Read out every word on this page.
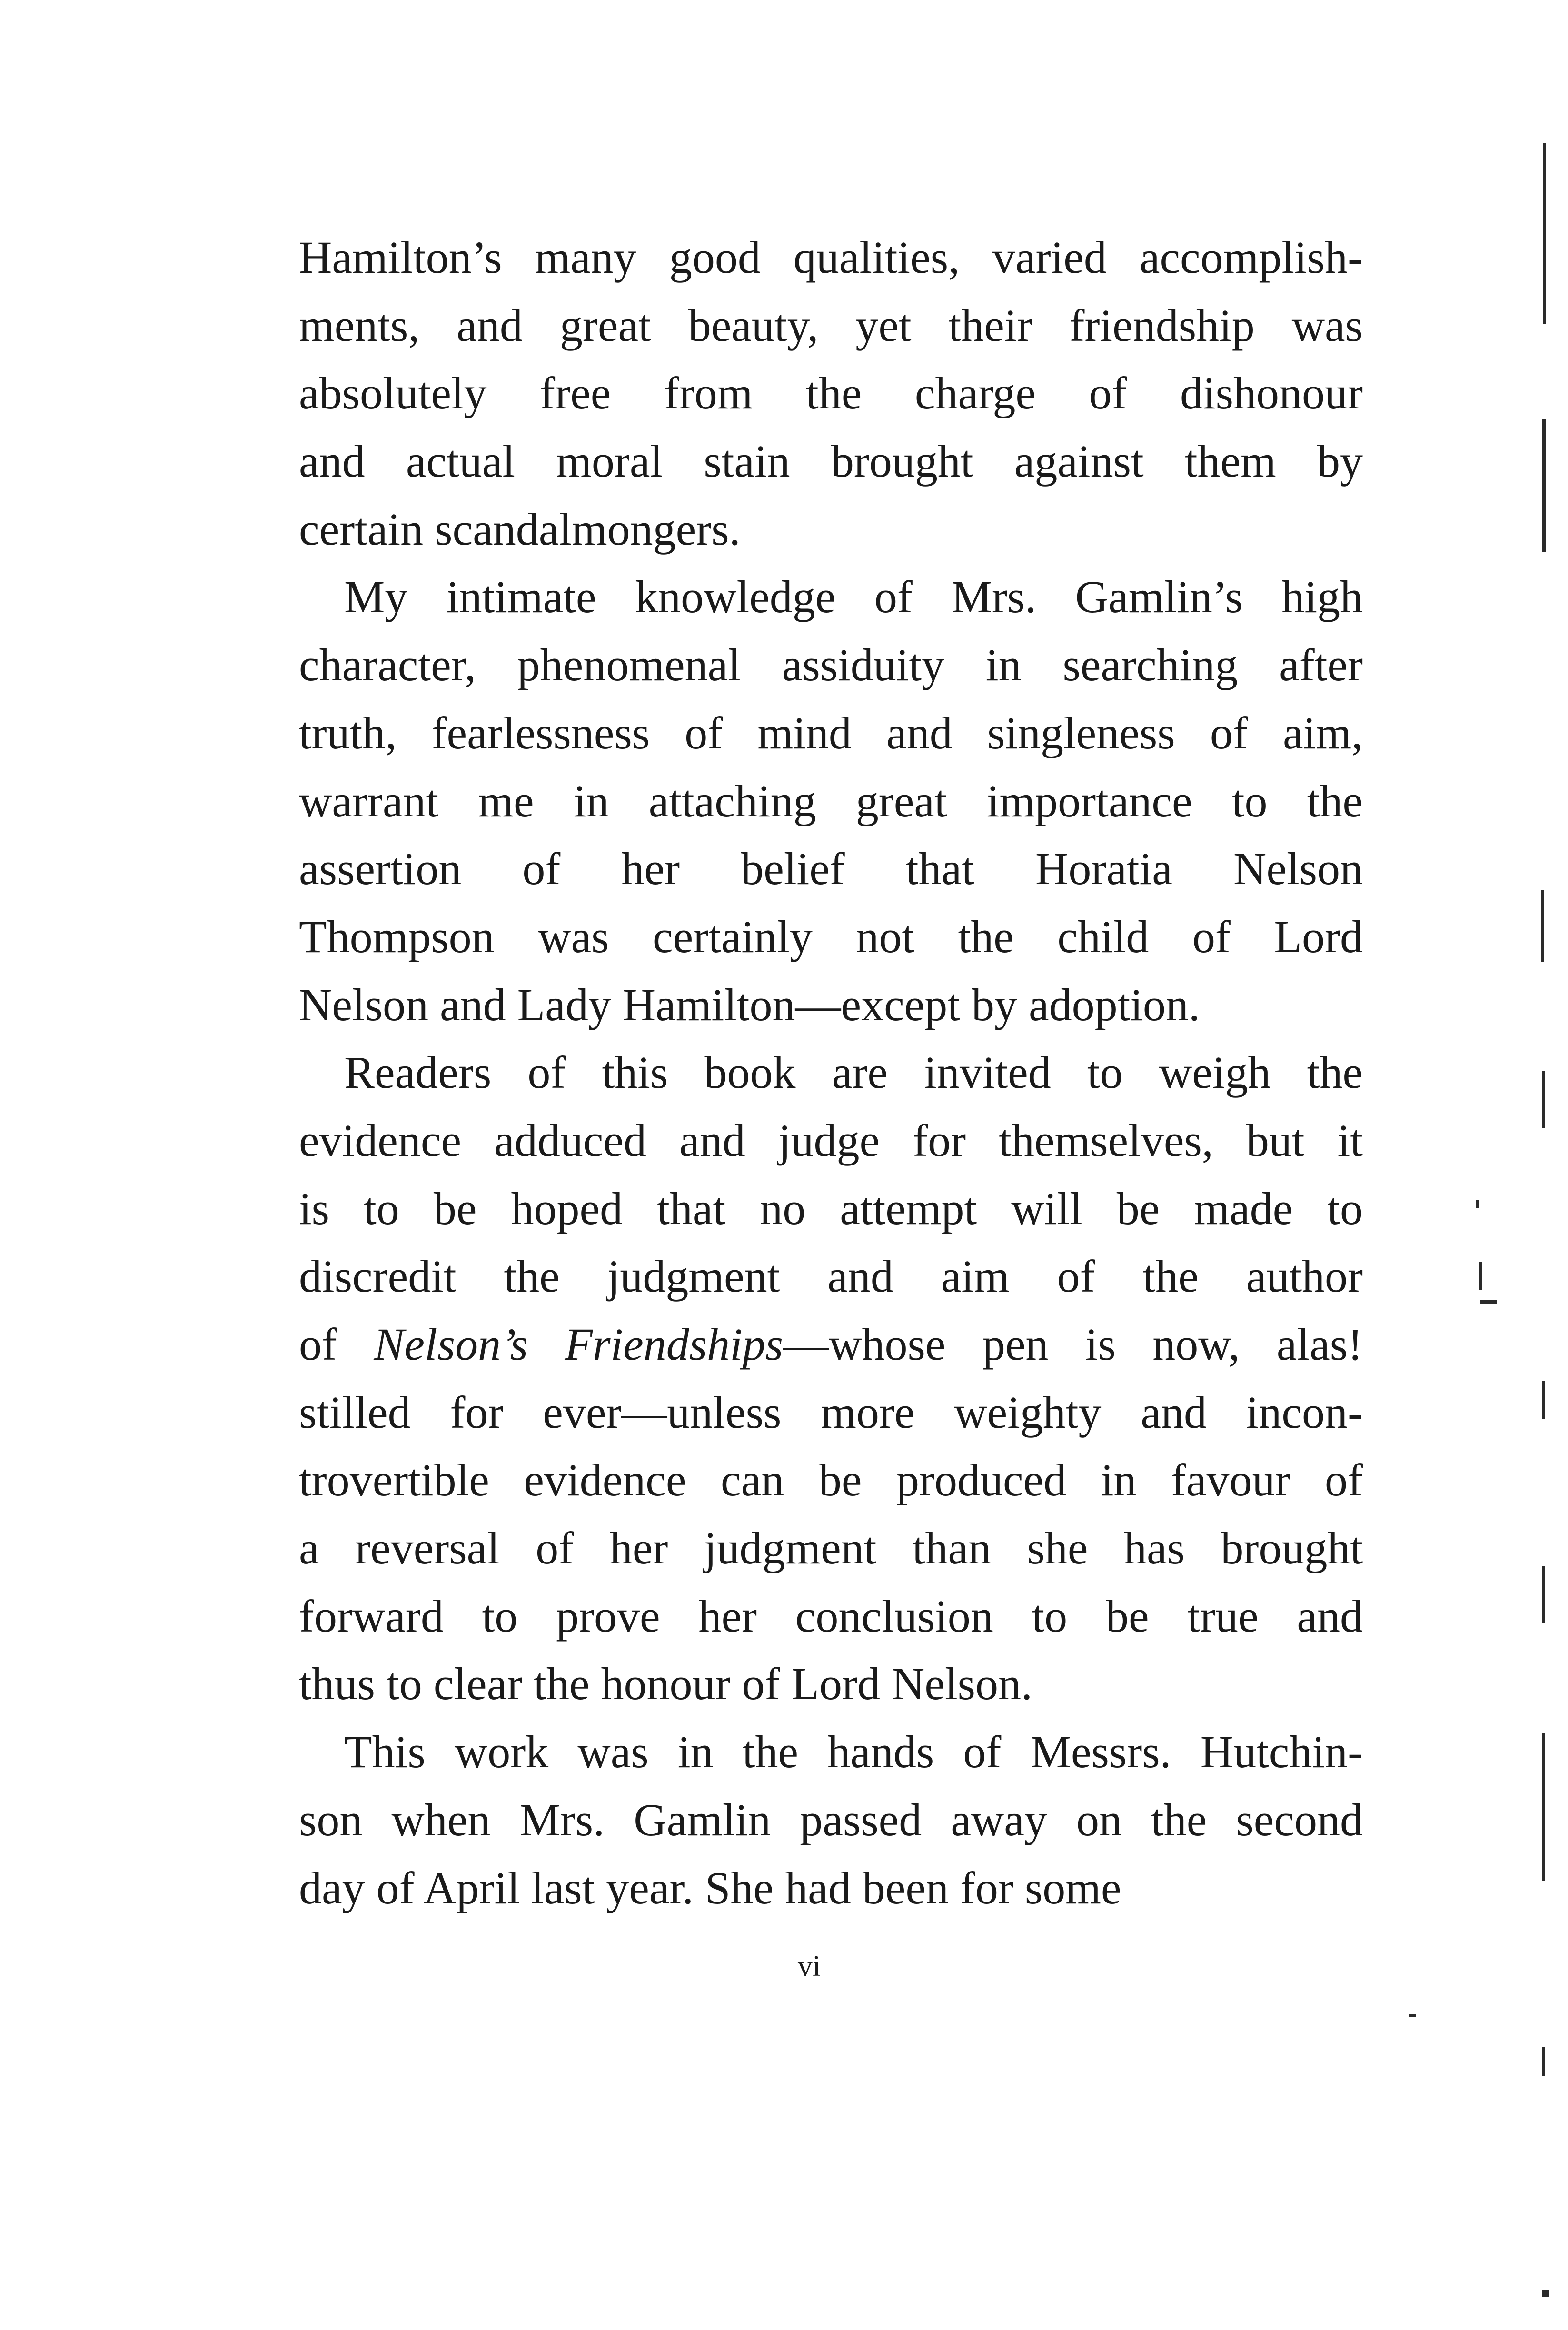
Hamilton’s many good qualities, varied accomplish-
ments, and great beauty, yet their friendship was
absolutely free from the charge of dishonour
and actual moral stain brought against them by
certain scandalmongers.
My intimate knowledge of Mrs. Gamlin’s high
character, phenomenal assiduity in searching after
truth, fearlessness of mind and singleness of aim,
warrant me in attaching great importance to the
assertion of her belief that Horatia Nelson
Thompson was certainly not the child of Lord
Nelson and Lady Hamilton—except by adoption.
Readers of this book are invited to weigh the
evidence adduced and judge for themselves, but it
is to be hoped that no attempt will be made to
discredit the judgment and aim of the author
of Nelson’s Friendships—whose pen is now, alas!
stilled for ever—unless more weighty and incon-
trovertible evidence can be produced in favour of
a reversal of her judgment than she has brought
forward to prove her conclusion to be true and
thus to clear the honour of Lord Nelson.
This work was in the hands of Messrs. Hutchin-
son when Mrs. Gamlin passed away on the second
day of April last year. She had been for some
vi
